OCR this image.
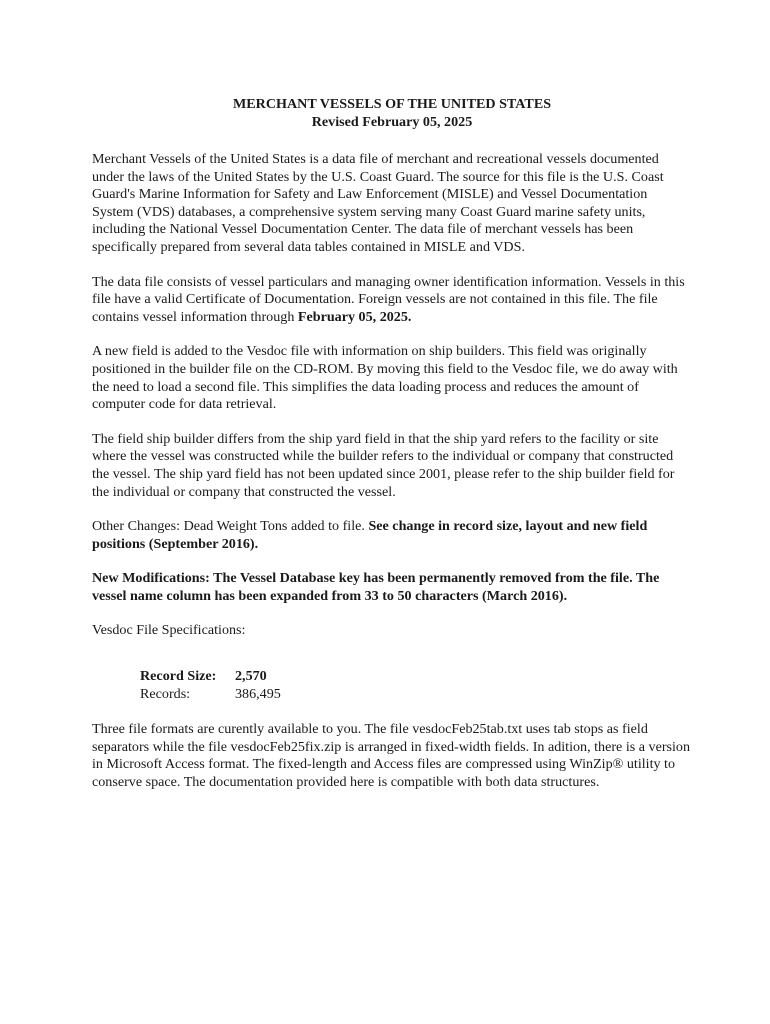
MERCHANT VESSELS OF THE UNITED STATES
Revised February 05, 2025

Merchant Vessels of the United States is a data file of merchant and recreational vessels documented under the laws of the United States by the U.S. Coast Guard. The source for this file is the U.S. Coast Guard's Marine Information for Safety and Law Enforcement (MISLE) and Vessel Documentation System (VDS) databases, a comprehensive system serving many Coast Guard marine safety units, including the National Vessel Documentation Center. The data file of merchant vessels has been specifically prepared from several data tables contained in MISLE and VDS.

The data file consists of vessel particulars and managing owner identification information. Vessels in this file have a valid Certificate of Documentation. Foreign vessels are not contained in this file. The file contains vessel information through February 05, 2025.

A new field is added to the Vesdoc file with information on ship builders. This field was originally positioned in the builder file on the CD-ROM. By moving this field to the Vesdoc file, we do away with the need to load a second file. This simplifies the data loading process and reduces the amount of computer code for data retrieval.

The field ship builder differs from the ship yard field in that the ship yard refers to the facility or site where the vessel was constructed while the builder refers to the individual or company that constructed the vessel. The ship yard field has not been updated since 2001, please refer to the ship builder field for the individual or company that constructed the vessel.

Other Changes: Dead Weight Tons added to file. See change in record size, layout and new field positions (September 2016).

New Modifications: The Vessel Database key has been permanently removed from the file. The vessel name column has been expanded from 33 to 50 characters (March 2016).

Vesdoc File Specifications:

Record Size:	2,570
Records:	386,495

Three file formats are curently available to you. The file vesdocFeb25tab.txt uses tab stops as field separators while the file vesdocFeb25fix.zip is arranged in fixed-width fields. In adition, there is a version in Microsoft Access format. The fixed-length and Access files are compressed using WinZip® utility to conserve space. The documentation provided here is compatible with both data structures.
